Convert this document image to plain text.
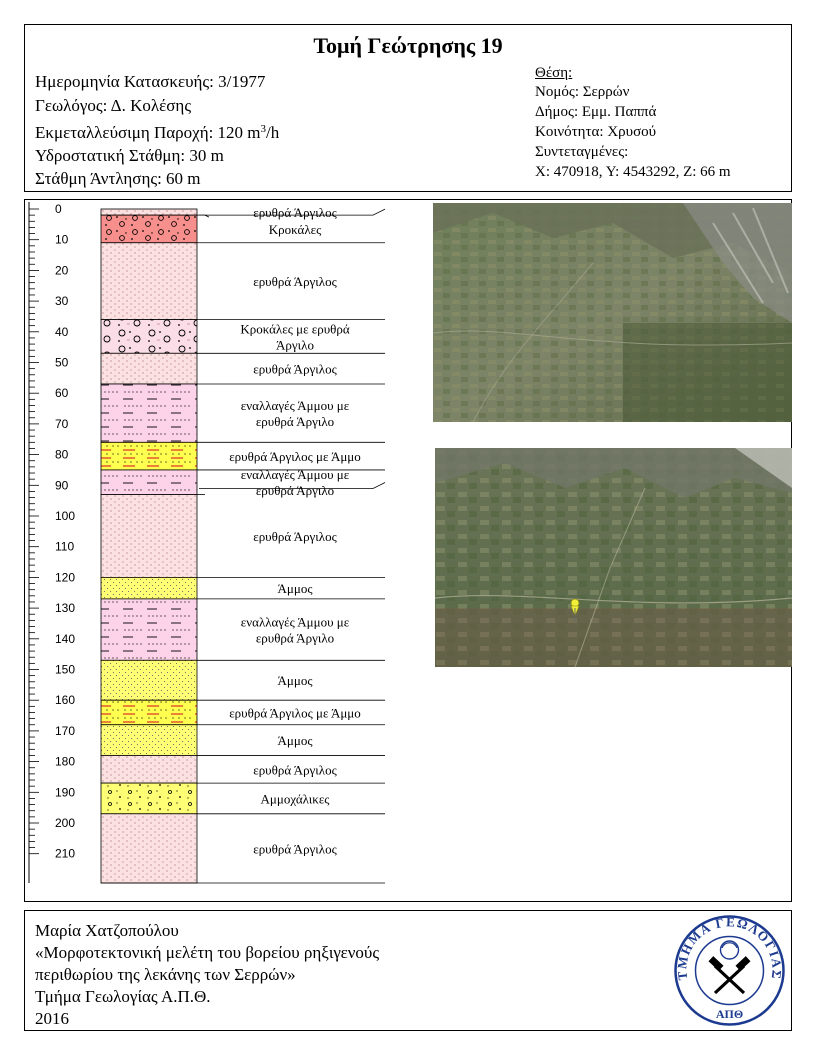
Τομή Γεώτρησης 19
Ημερομηνία Κατασκευής: 3/1977
Γεωλόγος: Δ. Κολέσης
Εκμεταλλεύσιμη Παροχή: 120 $m^3/h$
Υδροστατική Στάθμη: 30 m
Στάθμη Άντλησης: 60 m
Θέση:
Νομός: Σερρών
Δήμος: Εμμ. Παππά
Κοινότητα: Χρυσού
Συντεταγμένες:
X: 470918, Y: 4543292, Z: 66 m
0
10
20
30
40
50
60
70
80
90
100
110
120
130
140
150
160
170
180
190
200
210
ερυθρά Άργιλος
Κροκάλες
ερυθρά Άργιλος
Κροκάλες με ερυθρά
Άργιλο
ερυθρά Άργιλος
εναλλαγές Άμμου με
ερυθρά Άργιλο
ερυθρά Άργιλος με Άμμο
εναλλαγές Άμμου με
ερυθρά Άργιλο
ερυθρά Άργιλος
Άμμος
εναλλαγές Άμμου με
ερυθρά Άργιλο
Άμμος
ερυθρά Άργιλος με Άμμο
Άμμος
ερυθρά Άργιλος
Αμμοχάλικες
ερυθρά Άργιλος
Μαρία Χατζοπούλου
«Μορφοτεκτονική μελέτη του βορείου ρηξιγενούς
περιθωρίου της λεκάνης των Σερρών»
Τμήμα Γεωλογίας Α.Π.Θ.
2016
ΤΜΗΜΑ ΓΕΩΛΟΓΙΑΣ
ΑΠΘ
